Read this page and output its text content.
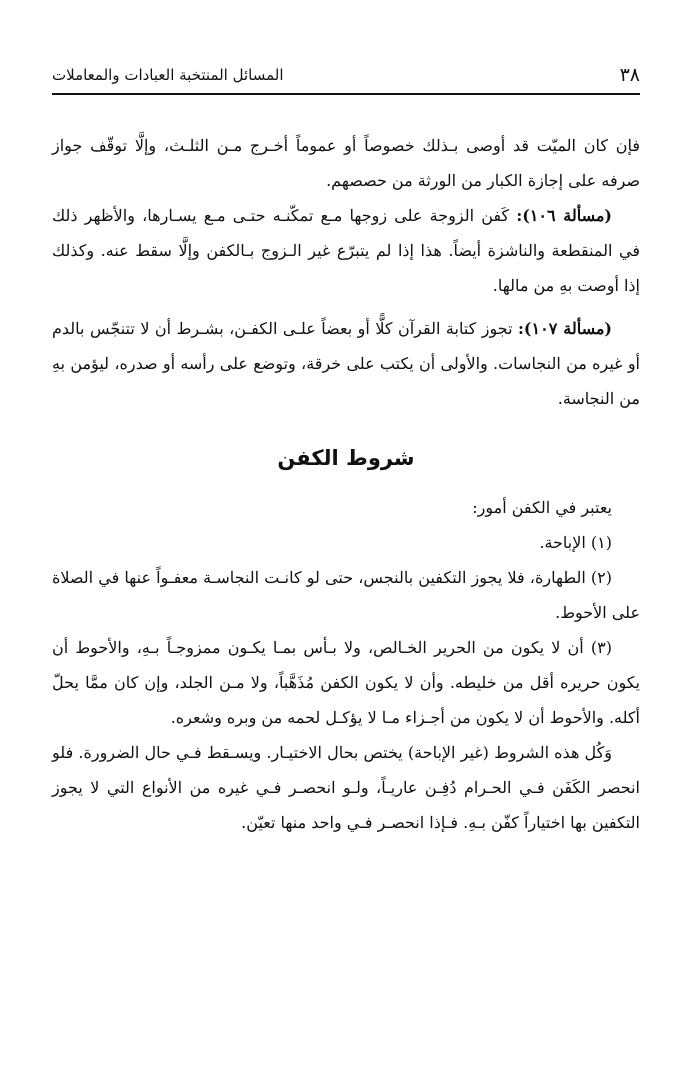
٣٨
المسائل المنتخبة العبادات والمعاملات

فإن كان الميّت قد أوصى بـذلك خصوصاً أو عموماً أخـرج مـن الثلـث، وإلَّا توقّف جواز صرفه على إجازة الكبار من الورثة من حصصهم.

(مسألة ١٠٦): كَفن الزوجة على زوجها مـع تمكّنـه حتـى مـع يسـارها، والأظهر ذلك في المنقطعة والناشزة أيضاً. هذا إذا لم يتبرّع غير الـزوج بـالكفن وإلَّا سقط عنه. وكذلك إذا أوصت بهِ من مالها.

(مسألة ١٠٧): تجوز كتابة القرآن كلًّا أو بعضاً علـى الكفـن، بشـرط أن لا تتنجّس بالدم أو غيره من النجاسات. والأولى أن يكتب على خرقة، وتوضع على رأسه أو صدره، ليؤمن بهِ من النجاسة.

شروط الكفن

يعتبر في الكفن أمور:

(١) الإباحة.

(٢) الطهارة، فلا يجوز التكفين بالنجس، حتى لو كانـت النجاسـة معفـواً عنها في الصلاة على الأحوط.

(٣) أن لا يكون من الحرير الخـالص، ولا بـأس بمـا يكـون ممزوجـاً بـهِ، والأحوط أن يكون حريره أقل من خليطه. وأن لا يكون الكفن مُذَهَّباً، ولا مـن الجلد، وإن كان ممَّا يحلّ أكله. والأحوط أن لا يكون من أجـزاء مـا لا يؤكـل لحمه من وبره وشعره.

وَكُل هذه الشروط (غير الإباحة) يختص بحال الاختيـار. ويسـقط فـي حال الضرورة. فلو انحصر الكَفَن فـي الحـرام دُفِـن عاريـاً، ولـو انحصـر فـي غيره من الأنواع التي لا يجوز التكفين بها اختياراً كفّن بـهِ. فـإذا انحصـر فـي واحد منها تعيّن.
